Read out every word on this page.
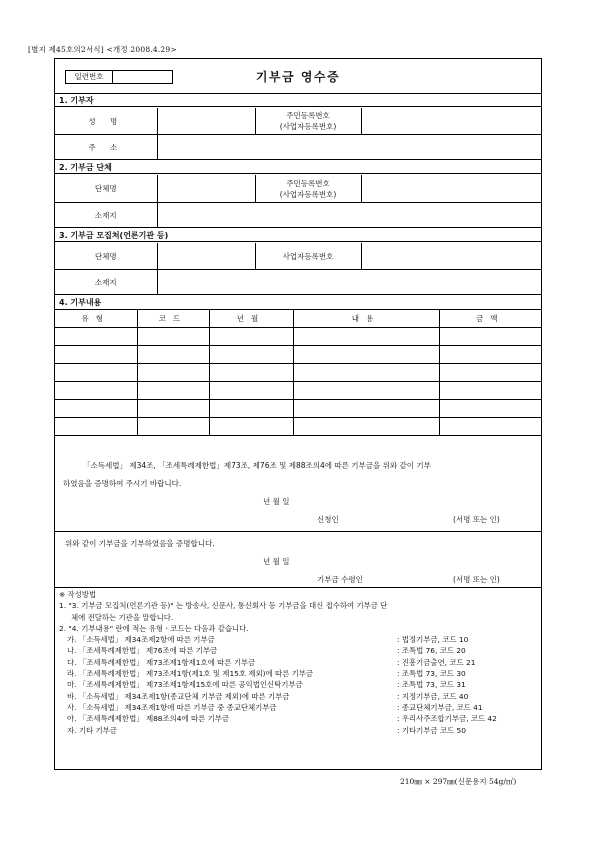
[별지 제45호의2서식] <개정 2008.4.29>
일련번호	기부금 영수증
1. 기부자
성 명		주민등록번호
(사업자등록번호)	

주 소			
2. 기부금 단체
단체명		주민등록번호
(사업자등록번호)	

소재지			
3. 기부금 모집처(언론기관 등)
단체명		사업자등록번호	
소재지			
4. 기부내용
유형	코드	년월	내용	금액

「소득세법」 제34조, 「조세특례제한법」제73조, 제76조 및 제88조의4에 따른 기부금을 위와 같이 기부
하였음을 증명하여 주시기 바랍니다.
년 월 일
신청인	(서명 또는 인)
위와 같이 기부금을 기부하였음을 증명합니다.
년 월 일
기부금 수령인	(서명 또는 인)
※ 작성방법
1. "3. 기부금 모집처(언론기관 등)" 는 방송사, 신문사, 통신회사 등 기부금을 대신 접수하여 기부금 단
체에 전달하는 기관을 말합니다.
2. "4. 기부내용" 란에 적는 유형ㆍ코드는 다음과 같습니다.
가. 「소득세법」 제34조제2항에 따른 기부금	: 법정기부금, 코드 10
나. 「조세특례제한법」 제76조에 따른 기부금	: 조특법 76, 코드 20
다. 「조세특례제한법」 제73조제1항제1호에 따른 기부금	: 진흥기금출연, 코드 21
라. 「조세특례제한법」 제73조제1항(제1호 및 제15호 제외)에 따른 기부금	: 조특법 73, 코드 30
마. 「조세특례제한법」 제73조제1항제15호에 따른 공익법인신탁기부금	: 조특법 73, 코드 31
바. 「소득세법」 제34조제1항(종교단체 기부금 제외)에 따른 기부금	: 지정기부금, 코드 40
사. 「소득세법」 제34조제1항에 따른 기부금 중 종교단체기부금	: 종교단체기부금, 코드 41
아. 「조세특례제한법」 제88조의4에 따른 기부금	: 우리사주조합기부금, 코드 42
자. 기타 기부금	: 기타기부금 코드 50
210㎜ × 297㎜(신문용지 54g/㎡)
